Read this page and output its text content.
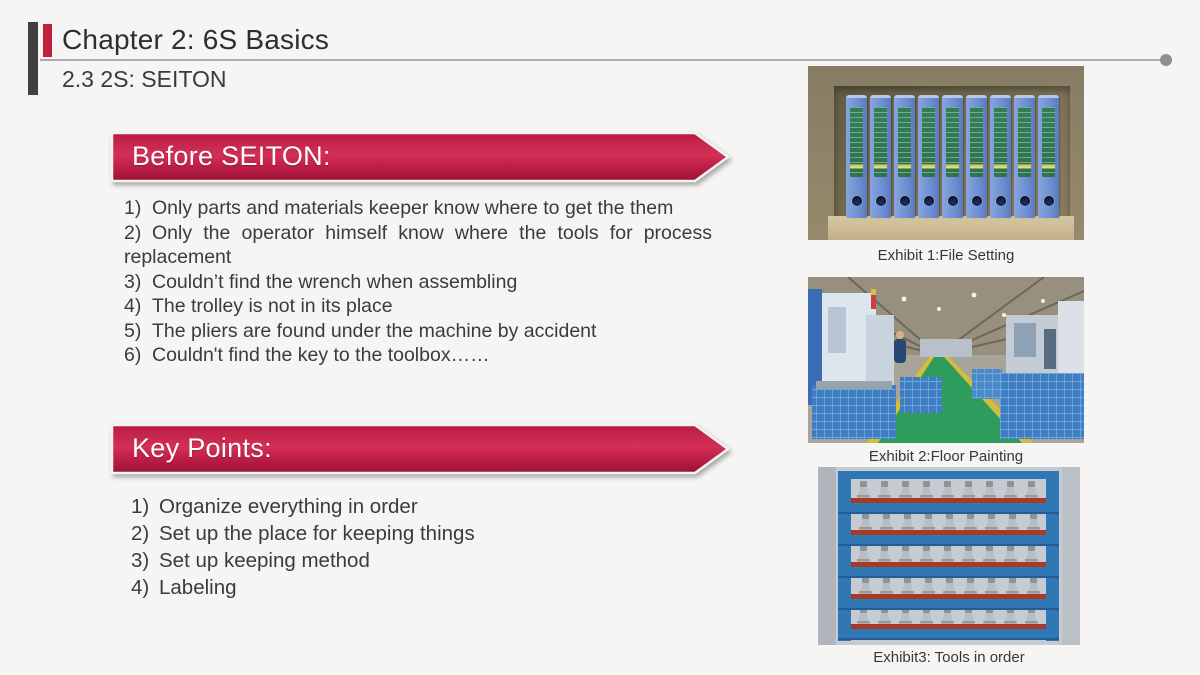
Chapter 2: 6S Basics
2.3 2S: SEITON
Before SEITON:

1) Only parts and materials keeper know where to get the them

2) Only the operator himself know where the tools for process replacement

3) Couldn’t find the wrench when assembling

4) The trolley is not in its place

5) The pliers are found under the machine by accident

6) Couldn't find the key to the toolbox……

Key Points:

1) Organize everything in order

2) Set up the place for keeping things

3) Set up keeping method

4) Labeling

Exhibit 1:File Setting
Exhibit 2:Floor Painting
Exhibit3: Tools in order
